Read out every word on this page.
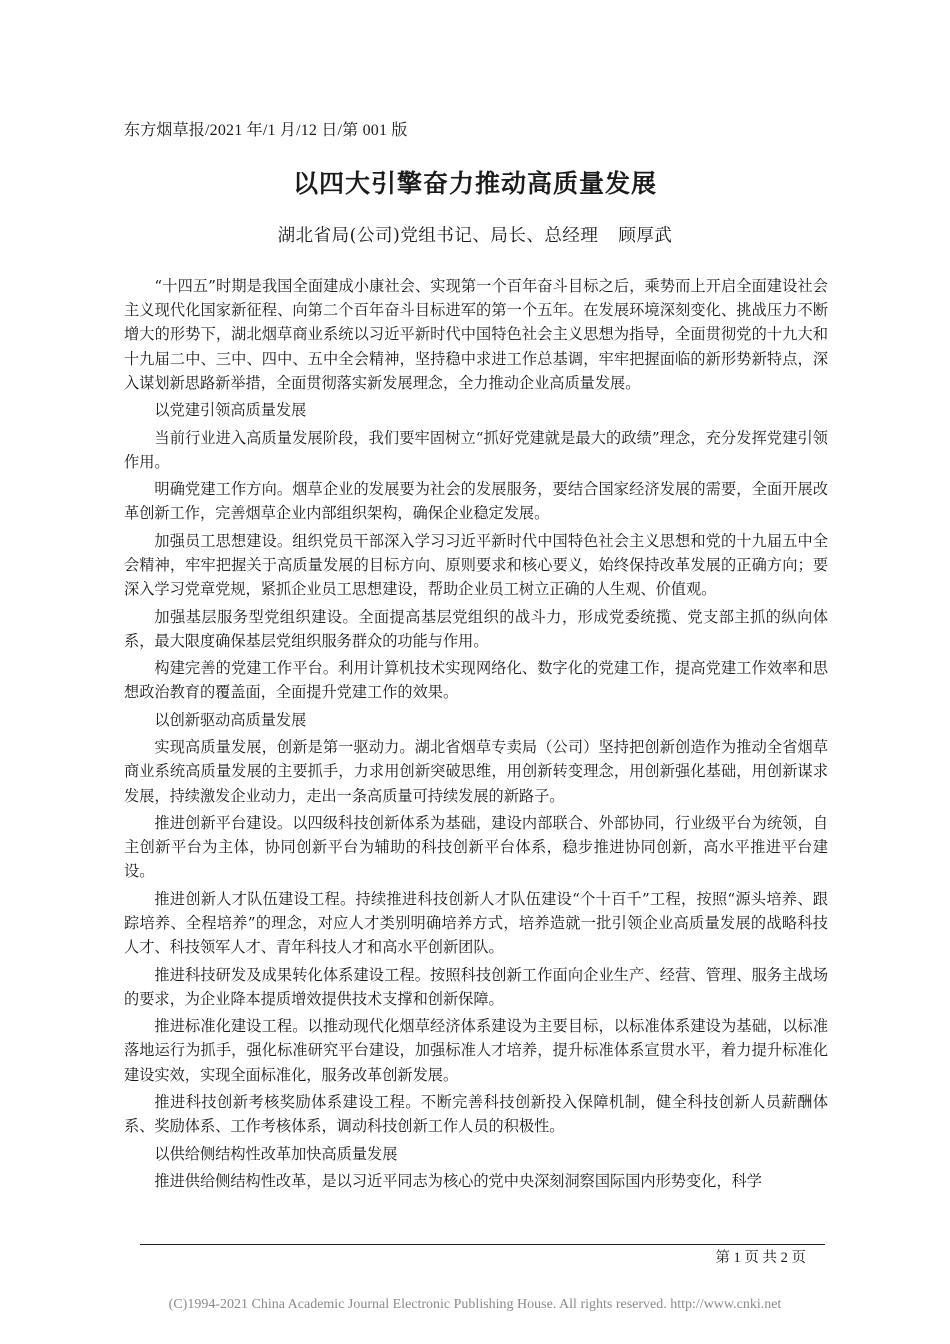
东方烟草报/2021 年/1 月/12 日/第 001 版
以四大引擎奋力推动高质量发展
湖北省局(公司)党组书记、局长、总经理 顾厚武

“十四五”时期是我国全面建成小康社会、实现第一个百年奋斗目标之后，乘势而上开启全面建设社会主义现代化国家新征程、向第二个百年奋斗目标进军的第一个五年。在发展环境深刻变化、挑战压力不断增大的形势下，湖北烟草商业系统以习近平新时代中国特色社会主义思想为指导，全面贯彻党的十九大和十九届二中、三中、四中、五中全会精神，坚持稳中求进工作总基调，牢牢把握面临的新形势新特点，深入谋划新思路新举措，全面贯彻落实新发展理念，全力推动企业高质量发展。

以党建引领高质量发展

当前行业进入高质量发展阶段，我们要牢固树立“抓好党建就是最大的政绩”理念，充分发挥党建引领作用。

明确党建工作方向。烟草企业的发展要为社会的发展服务，要结合国家经济发展的需要，全面开展改革创新工作，完善烟草企业内部组织架构，确保企业稳定发展。

加强员工思想建设。组织党员干部深入学习习近平新时代中国特色社会主义思想和党的十九届五中全会精神，牢牢把握关于高质量发展的目标方向、原则要求和核心要义，始终保持改革发展的正确方向；要深入学习党章党规，紧抓企业员工思想建设，帮助企业员工树立正确的人生观、价值观。

加强基层服务型党组织建设。全面提高基层党组织的战斗力，形成党委统揽、党支部主抓的纵向体系，最大限度确保基层党组织服务群众的功能与作用。

构建完善的党建工作平台。利用计算机技术实现网络化、数字化的党建工作，提高党建工作效率和思想政治教育的覆盖面，全面提升党建工作的效果。

以创新驱动高质量发展

实现高质量发展，创新是第一驱动力。湖北省烟草专卖局（公司）坚持把创新创造作为推动全省烟草商业系统高质量发展的主要抓手，力求用创新突破思维，用创新转变理念，用创新强化基础，用创新谋求发展，持续激发企业动力，走出一条高质量可持续发展的新路子。

推进创新平台建设。以四级科技创新体系为基础，建设内部联合、外部协同，行业级平台为统领，自主创新平台为主体，协同创新平台为辅助的科技创新平台体系，稳步推进协同创新，高水平推进平台建设。

推进创新人才队伍建设工程。持续推进科技创新人才队伍建设“个十百千”工程，按照“源头培养、跟踪培养、全程培养”的理念，对应人才类别明确培养方式，培养造就一批引领企业高质量发展的战略科技人才、科技领军人才、青年科技人才和高水平创新团队。

推进科技研发及成果转化体系建设工程。按照科技创新工作面向企业生产、经营、管理、服务主战场的要求，为企业降本提质增效提供技术支撑和创新保障。

推进标准化建设工程。以推动现代化烟草经济体系建设为主要目标，以标准体系建设为基础，以标准落地运行为抓手，强化标准研究平台建设，加强标准人才培养，提升标准体系宣贯水平，着力提升标准化建设实效，实现全面标准化，服务改革创新发展。

推进科技创新考核奖励体系建设工程。不断完善科技创新投入保障机制，健全科技创新人员薪酬体系、奖励体系、工作考核体系，调动科技创新工作人员的积极性。

以供给侧结构性改革加快高质量发展

推进供给侧结构性改革，是以习近平同志为核心的党中央深刻洞察国际国内形势变化，科学

第 1 页 共 2 页
(C)1994-2021 China Academic Journal Electronic Publishing House. All rights reserved. http://www.cnki.net
